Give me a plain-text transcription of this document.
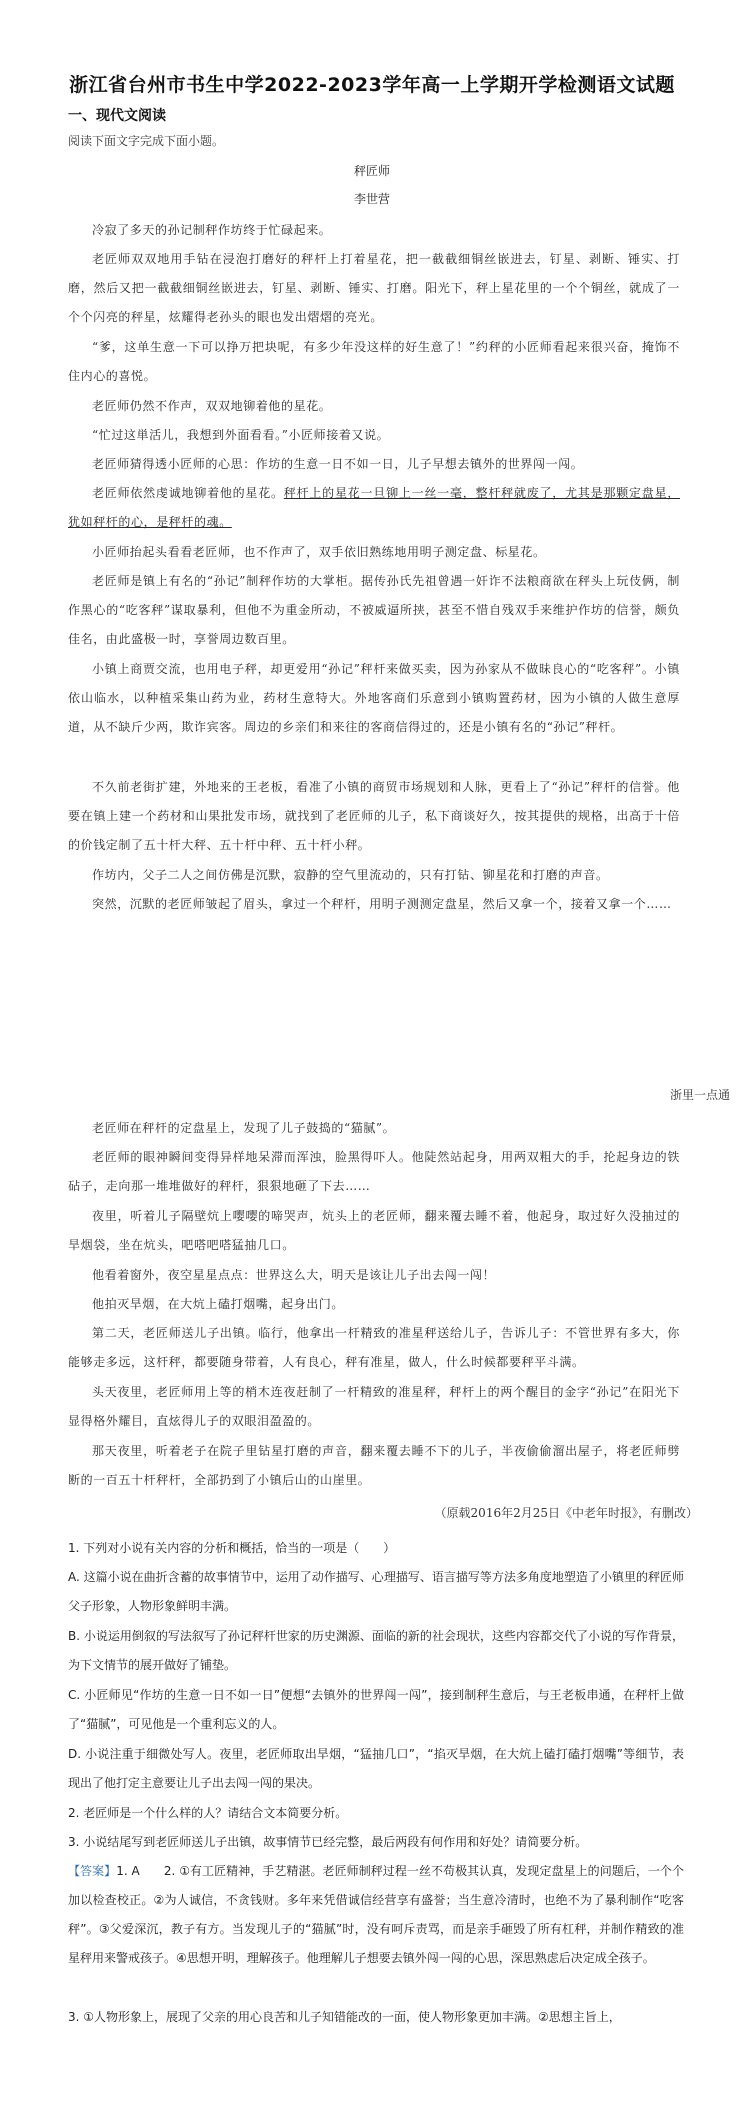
浙江省台州市书生中学2022-2023学年高一上学期开学检测语文试题
一、现代文阅读
阅读下面文字完成下面小题。
秤匠师
李世营

冷寂了多天的孙记制秤作坊终于忙碌起来。

老匠师双双地用手钻在浸泡打磨好的秤杆上打着星花，把一截截细铜丝嵌进去，钉星、剥断、锤实、打磨，然后又把一截截细铜丝嵌进去，钉星、剥断、锤实、打磨。阳光下，秤上星花里的一个个铜丝，就成了一个个闪亮的秤星，炫耀得老孙头的眼也发出熠熠的亮光。

“爹，这单生意一下可以挣万把块呢，有多少年没这样的好生意了！”约秤的小匠师看起来很兴奋，掩饰不住内心的喜悦。

老匠师仍然不作声，双双地铆着他的星花。

“忙过这単活儿，我想到外面看看。”小匠师接着又说。

老匠师猜得透小匠师的心思：作坊的生意一日不如一日，儿子早想去镇外的世界闯一闯。

老匠师依然虔诚地铆着他的星花。秤杆上的星花一旦铆上一丝一毫，整杆秤就废了，尤其是那颗定盘星，犹如秤杆的心，是秤杆的魂。

小匠师抬起头看看老匠师，也不作声了，双手依旧熟练地用明子测定盘、标星花。

老匠师是镇上有名的“孙记”制秤作坊的大掌柜。据传孙氏先祖曾遇一奸诈不法粮商欲在秤头上玩伎俩，制作黑心的“吃客秤”谋取暴利，但他不为重金所动，不被威逼所挟，甚至不惜自残双手来维护作坊的信誉，颇负佳名，由此盛极一时，享誉周边数百里。

小镇上商贾交流，也用电子秤，却更爱用“孙记”秤杆来做买卖，因为孙家从不做昧良心的“吃客秤”。小镇依山临水，以种植采集山药为业，药材生意特大。外地客商们乐意到小镇购置药材，因为小镇的人做生意厚道，从不缺斤少两，欺诈宾客。周边的乡亲们和来往的客商信得过的，还是小镇有名的“孙记”秤杆。

不久前老街扩建，外地来的王老板，看准了小镇的商贸市场规划和人脉，更看上了“孙记”秤杆的信誉。他要在镇上建一个药材和山果批发市场，就找到了老匠师的儿子，私下商谈好久，按其提供的规格，出高于十倍的价钱定制了五十杆大秤、五十杆中秤、五十杆小秤。

作坊内，父子二人之间仿佛是沉默，寂静的空气里流动的，只有打钻、铆星花和打磨的声音。

突然，沉默的老匠师皱起了眉头，拿过一个秤杆，用明子测测定盘星，然后又拿一个，接着又拿一个……

浙里一点通

老匠师在秤杆的定盘星上，发现了儿子鼓捣的“猫腻”。

老匠师的眼神瞬间变得异样地呆滞而浑浊，脸黑得吓人。他陡然站起身，用两双粗大的手，抡起身边的铁砧子，走向那一堆堆做好的秤杆，狠狠地砸了下去……

夜里，听着儿子隔壁炕上嘤嘤的啼哭声，炕头上的老匠师，翻来覆去睡不着，他起身，取过好久没抽过的旱烟袋，坐在炕头，吧嗒吧嗒猛抽几口。

他看着窗外，夜空星星点点：世界这么大，明天是该让儿子出去闯一闯！

他拍灭旱烟，在大炕上磕打烟嘴，起身出门。

第二天，老匠师送儿子出镇。临行，他拿出一杆精致的准星秤送给儿子，告诉儿子：不管世界有多大，你能够走多远，这杆秤，都要随身带着，人有良心，秤有准星，做人，什么时候都要秤平斗满。

头天夜里，老匠师用上等的梢木连夜赶制了一杆精致的准星秤，秤杆上的两个醒目的金字“孙记”在阳光下显得格外耀目，直炫得儿子的双眼泪盈盈的。

那天夜里，听着老子在院子里钻星打磨的声音，翻来覆去睡不下的儿子，半夜偷偷溜出屋子，将老匠师劈断的一百五十杆秤杆，全部扔到了小镇后山的山崖里。

（原载2016年2月25日《中老年时报》，有删改）

1. 下列对小说有关内容的分析和概括，恰当的一项是（　　）

A. 这篇小说在曲折含蓄的故事情节中，运用了动作描写、心理描写、语言描写等方法多角度地塑造了小镇里的秤匠师父子形象，人物形象鲜明丰满。

B. 小说运用倒叙的写法叙写了孙记秤杆世家的历史渊源、面临的新的社会现状，这些内容都交代了小说的写作背景，为下文情节的展开做好了铺垫。

C. 小匠师见“作坊的生意一日不如一日”便想“去镇外的世界闯一闯”，接到制秤生意后，与王老板串通，在秤杆上做了“猫腻”，可见他是一个重利忘义的人。

D. 小说注重于细微处写人。夜里，老匠师取出旱烟，“猛抽几口”，“掐灭旱烟，在大炕上磕打磕打烟嘴”等细节，表现出了他打定主意要让儿子出去闯一闯的果决。

2. 老匠师是一个什么样的人？请结合文本简要分析。

3. 小说结尾写到老匠师送儿子出镇，故事情节已经完整，最后两段有何作用和好处？请简要分析。

【答案】1. A　　2. ①有工匠精神，手艺精湛。老匠师制秤过程一丝不苟极其认真，发现定盘星上的问题后，一个个加以检查校正。②为人诚信，不贪钱财。多年来凭借诚信经营享有盛誉；当生意冷清时，也绝不为了暴利制作“吃客秤”。③父爱深沉，教子有方。当发现儿子的“猫腻”时，没有呵斥责骂，而是亲手砸毁了所有杠秤，并制作精致的准星秤用来警戒孩子。④思想开明，理解孩子。他理解儿子想要去镇外闯一闯的心思，深思熟虑后决定成全孩子。

3. ①人物形象上，展现了父亲的用心良苦和儿子知错能改的一面，使人物形象更加丰满。②思想主旨上，
